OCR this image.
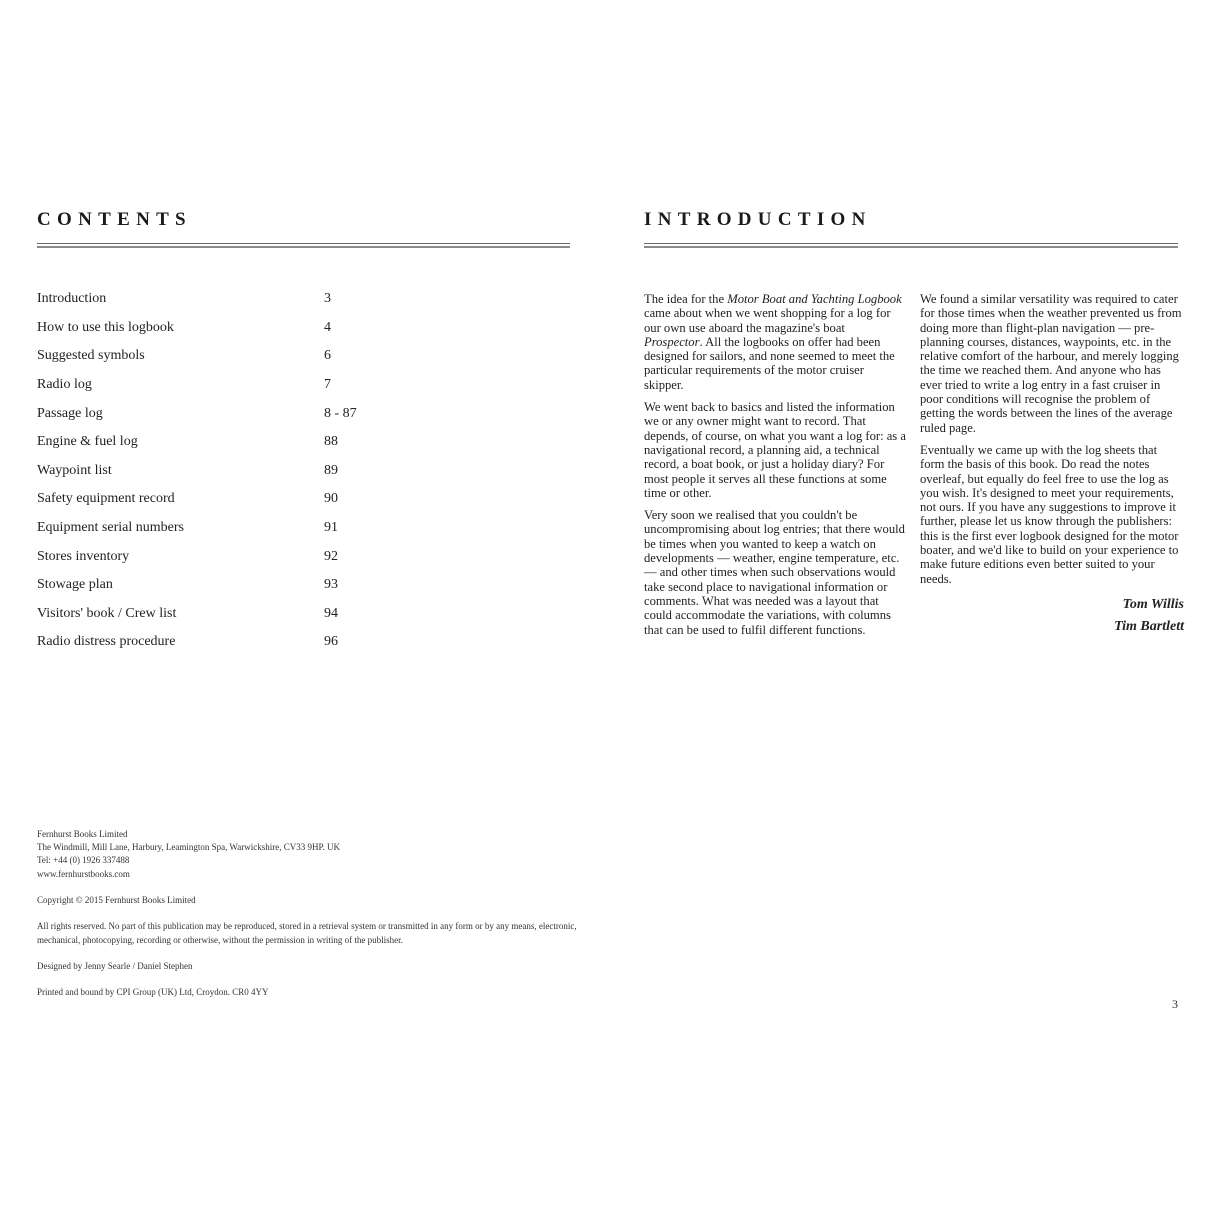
CONTENTS
Introduction	3
How to use this logbook	4
Suggested symbols	6
Radio log	7
Passage log	8 - 87
Engine & fuel log	88
Waypoint list	89
Safety equipment record	90
Equipment serial numbers	91
Stores inventory	92
Stowage plan	93
Visitors' book / Crew list	94
Radio distress procedure	96

Fernhurst Books Limited
The Windmill, Mill Lane, Harbury, Leamington Spa, Warwickshire, CV33 9HP. UK
Tel: +44 (0) 1926 337488
www.fernhurstbooks.com

Copyright © 2015 Fernhurst Books Limited

All rights reserved. No part of this publication may be reproduced, stored in a retrieval system or transmitted in any form or by any means, electronic, mechanical, photocopying, recording or otherwise, without the permission in writing of the publisher.

Designed by Jenny Searle / Daniel Stephen

Printed and bound by CPI Group (UK) Ltd, Croydon. CR0 4YY

INTRODUCTION

The idea for the Motor Boat and Yachting Logbook came about when we went shopping for a log for our own use aboard the magazine's boat Prospector. All the logbooks on offer had been designed for sailors, and none seemed to meet the particular requirements of the motor cruiser skipper.

We went back to basics and listed the information we or any owner might want to record. That depends, of course, on what you want a log for: as a navigational record, a planning aid, a technical record, a boat book, or just a holiday diary? For most people it serves all these functions at some time or other.

Very soon we realised that you couldn't be uncompromising about log entries; that there would be times when you wanted to keep a watch on developments — weather, engine temperature, etc. — and other times when such observations would take second place to navigational information or comments. What was needed was a layout that could accommodate the variations, with columns that can be used to fulfil different functions.

We found a similar versatility was required to cater for those times when the weather prevented us from doing more than flight-plan navigation — pre-planning courses, distances, waypoints, etc. in the relative comfort of the harbour, and merely logging the time we reached them. And anyone who has ever tried to write a log entry in a fast cruiser in poor conditions will recognise the problem of getting the words between the lines of the average ruled page.

Eventually we came up with the log sheets that form the basis of this book. Do read the notes overleaf, but equally do feel free to use the log as you wish. It's designed to meet your requirements, not ours. If you have any suggestions to improve it further, please let us know through the publishers: this is the first ever logbook designed for the motor boater, and we'd like to build on your experience to make future editions even better suited to your needs.

Tom Willis
Tim Bartlett
3
